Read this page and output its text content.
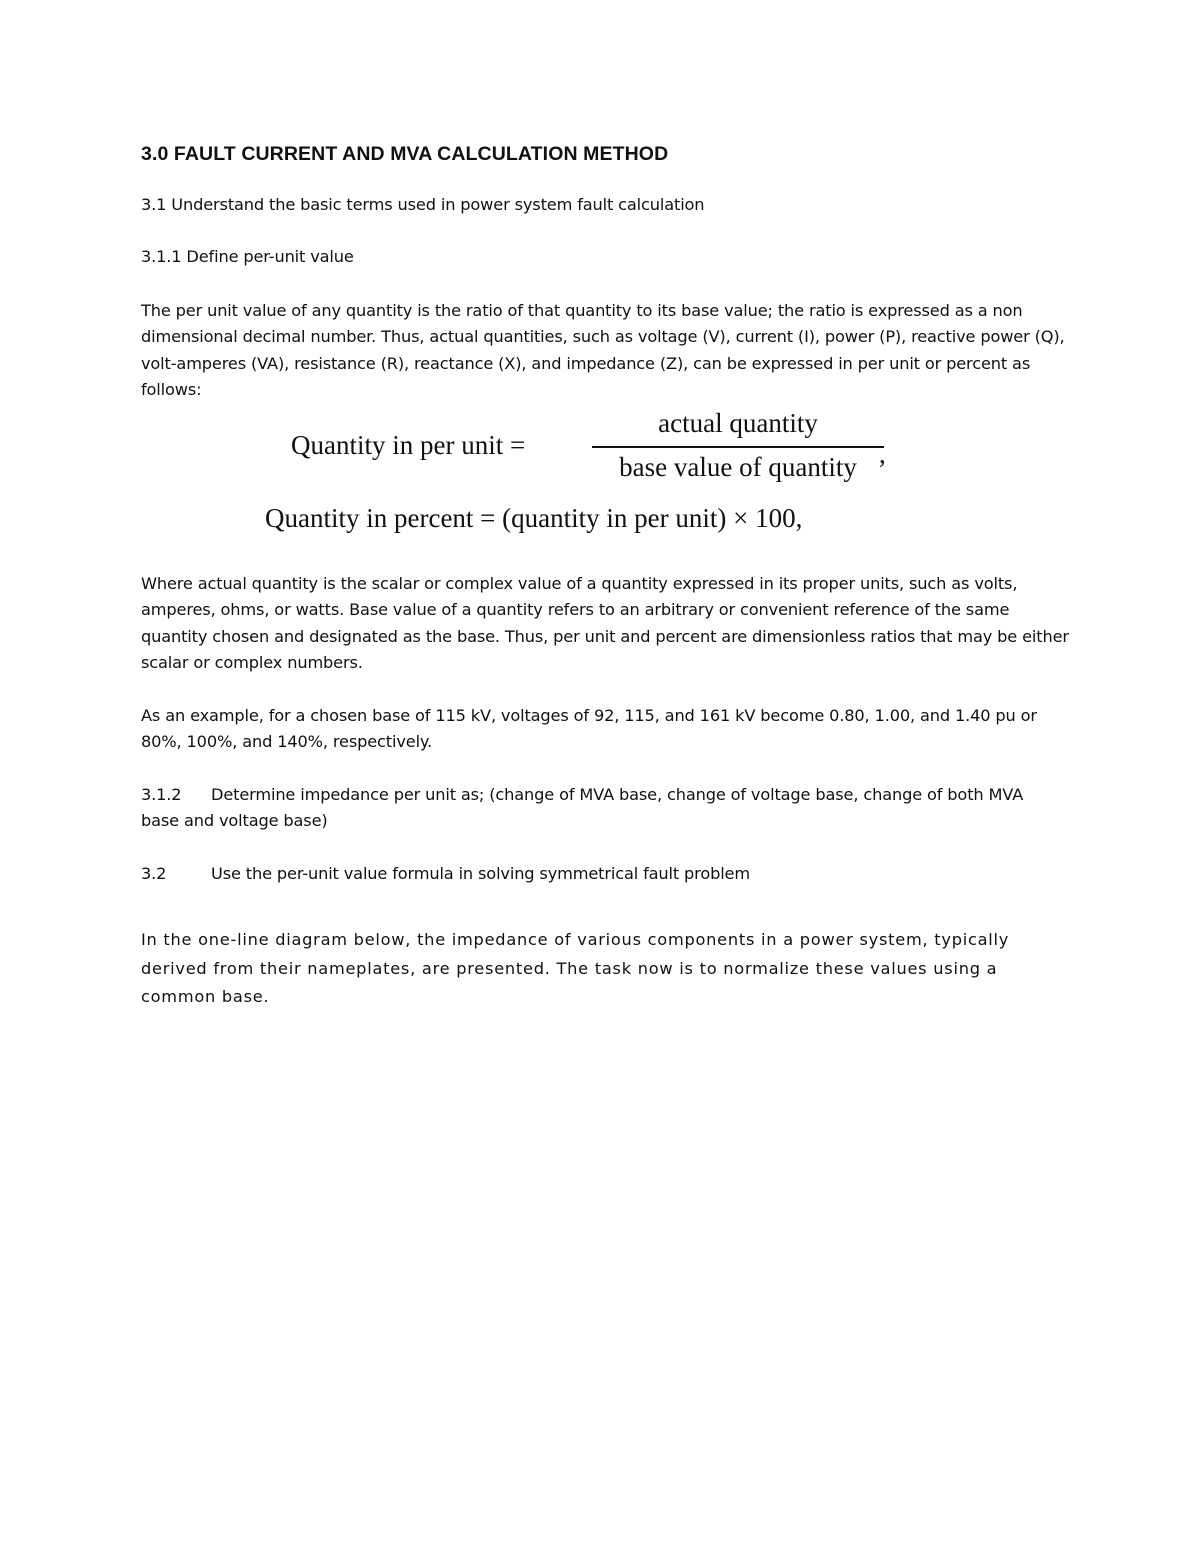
3.0 FAULT CURRENT AND MVA CALCULATION METHOD

3.1 Understand the basic terms used in power system fault calculation

3.1.1 Define per-unit value

The per unit value of any quantity is the ratio of that quantity to its base value; the ratio is expressed as a non dimensional decimal number. Thus, actual quantities, such as voltage (V), current (I), power (P), reactive power (Q), volt-amperes (VA), resistance (R), reactance (X), and impedance (Z), can be expressed in per unit or percent as follows:

Quantity in per unit =
actual quantity
base value of quantity ,
Quantity in percent = (quantity in per unit) × 100,

Where actual quantity is the scalar or complex value of a quantity expressed in its proper units, such as volts, amperes, ohms, or watts. Base value of a quantity refers to an arbitrary or convenient reference of the same quantity chosen and designated as the base. Thus, per unit and percent are dimensionless ratios that may be either scalar or complex numbers.

As an example, for a chosen base of 115 kV, voltages of 92, 115, and 161 kV become 0.80, 1.00, and 1.40 pu or 80%, 100%, and 140%, respectively.

3.1.2 Determine impedance per unit as; (change of MVA base, change of voltage base, change of both MVA base and voltage base)

3.2	Use the per-unit value formula in solving symmetrical fault problem

In the one-line diagram below, the impedance of various components in a power system, typically derived from their nameplates, are presented. The task now is to normalize these values using a common base.
